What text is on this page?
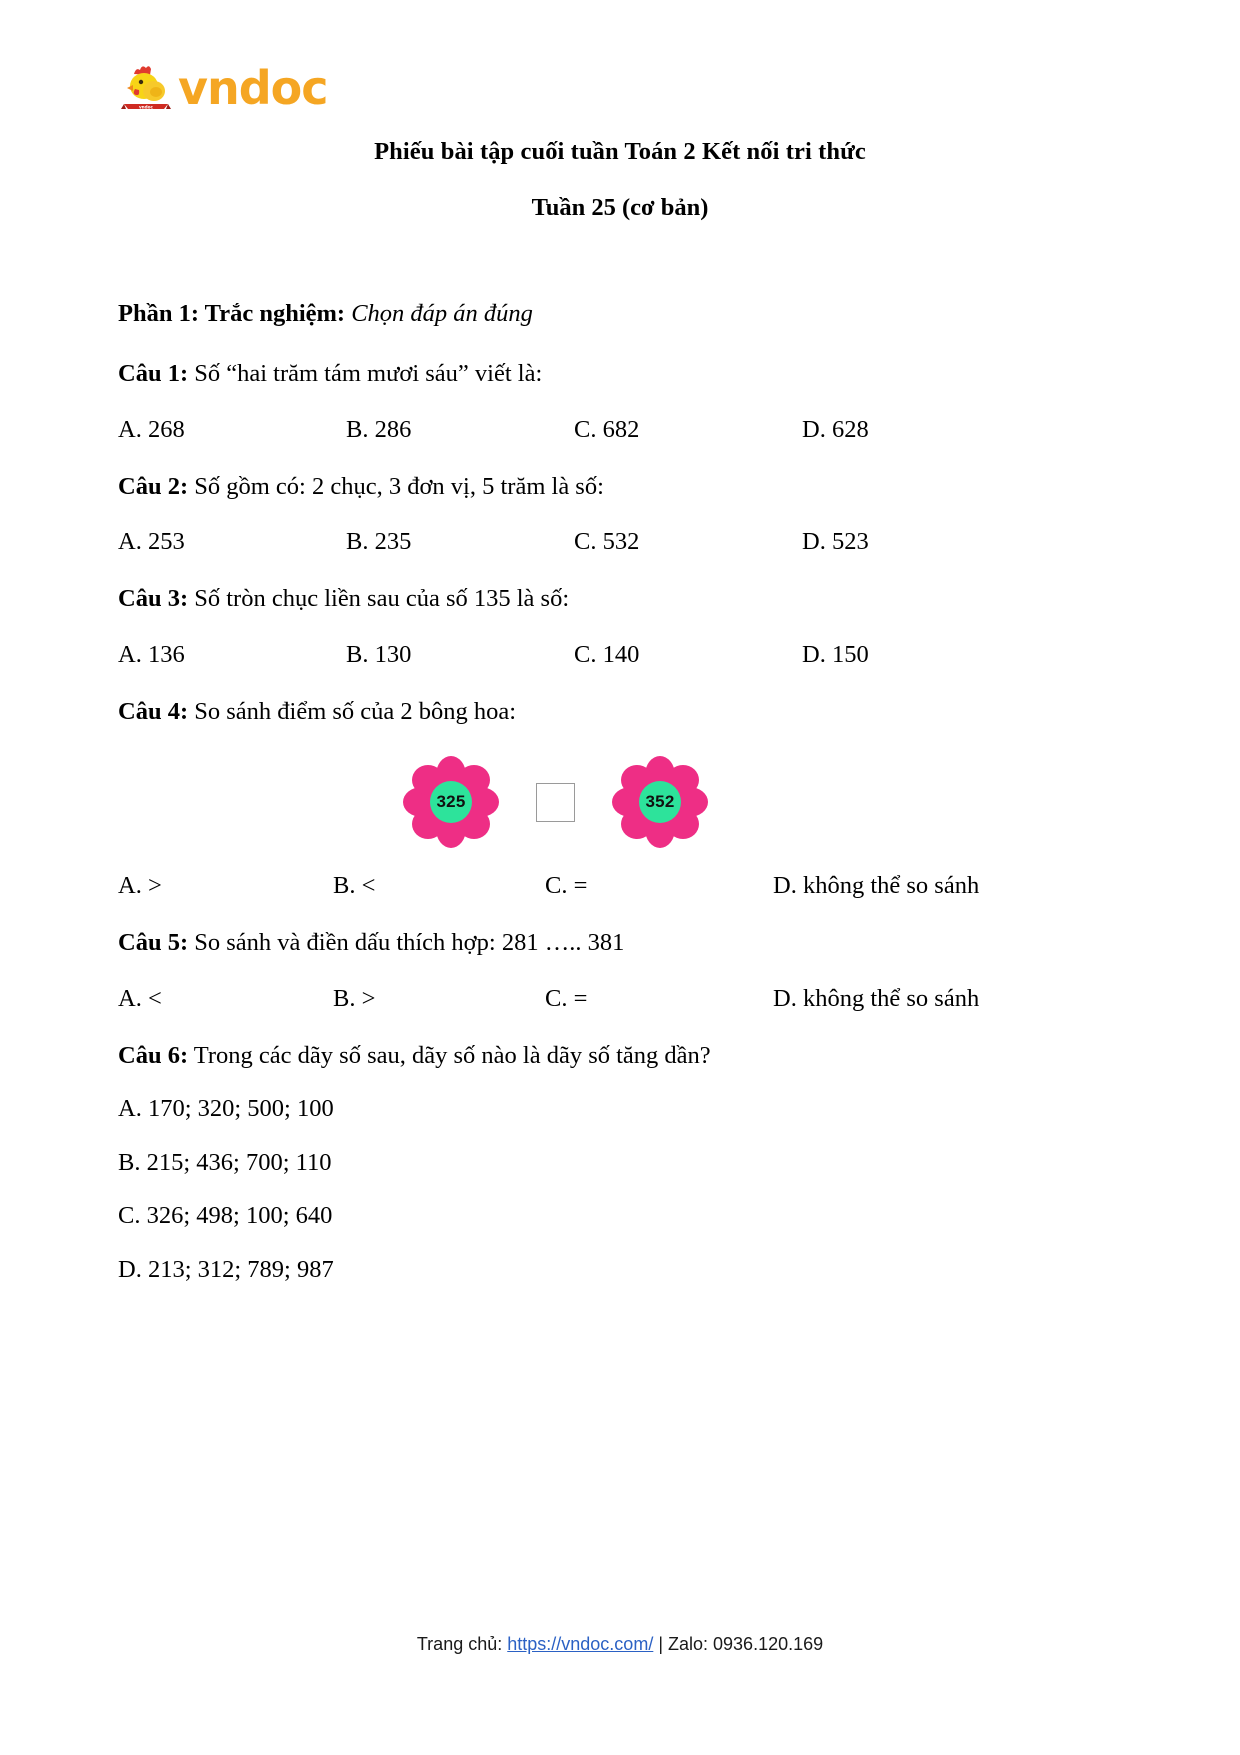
vndoc vndoc
Phiếu bài tập cuối tuần Toán 2 Kết nối tri thức
Tuần 25 (cơ bản)
Phần 1: Trắc nghiệm: Chọn đáp án đúng
Câu 1: Số “hai trăm tám mươi sáu” viết là:
A. 268	B. 286	C. 682	D. 628
Câu 2: Số gồm có: 2 chục, 3 đơn vị, 5 trăm là số:
A. 253	B. 235	C. 532	D. 523
Câu 3: Số tròn chục liền sau của số 135 là số:
A. 136	B. 130	C. 140	D. 150
Câu 4: So sánh điểm số của 2 bông hoa:
325	352
A. >	B. <	C. =	D. không thể so sánh
Câu 5: So sánh và điền dấu thích hợp: 281 ….. 381
A. <	B. >	C. =	D. không thể so sánh
Câu 6: Trong các dãy số sau, dãy số nào là dãy số tăng dần?
A. 170; 320; 500; 100
B. 215; 436; 700; 110
C. 326; 498; 100; 640
D. 213; 312; 789; 987
Trang chủ: https://vndoc.com/ | Zalo: 0936.120.169
